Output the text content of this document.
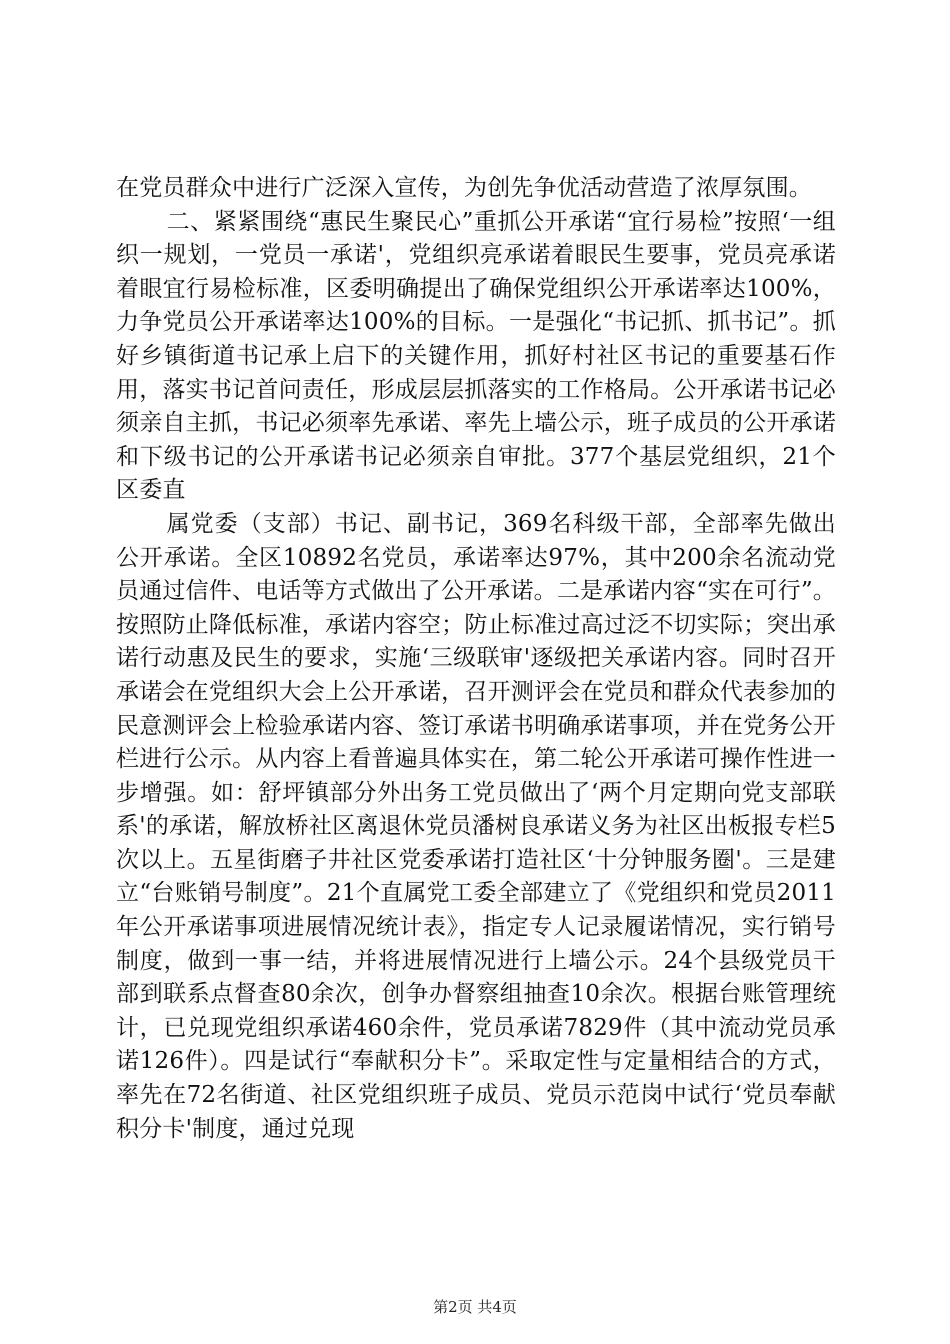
在党员群众中进行广泛深入宣传，为创先争优活动营造了浓厚氛围。

二、紧紧围绕“惠民生聚民心”重抓公开承诺“宜行易检”按照‘一组织一规划，一党员一承诺'，党组织亮承诺着眼民生要事，党员亮承诺着眼宜行易检标准，区委明确提出了确保党组织公开承诺率达100%，力争党员公开承诺率达100%的目标。一是强化“书记抓、抓书记”。抓好乡镇街道书记承上启下的关键作用，抓好村社区书记的重要基石作用，落实书记首问责任，形成层层抓落实的工作格局。公开承诺书记必须亲自主抓，书记必须率先承诺、率先上墙公示，班子成员的公开承诺和下级书记的公开承诺书记必须亲自审批。377个基层党组织，21个区委直

属党委（支部）书记、副书记，369名科级干部，全部率先做出公开承诺。全区10892名党员，承诺率达97%，其中200余名流动党员通过信件、电话等方式做出了公开承诺。二是承诺内容“实在可行”。按照防止降低标准，承诺内容空；防止标准过高过泛不切实际；突出承诺行动惠及民生的要求，实施‘三级联审'逐级把关承诺内容。同时召开承诺会在党组织大会上公开承诺，召开测评会在党员和群众代表参加的民意测评会上检验承诺内容、签订承诺书明确承诺事项，并在党务公开栏进行公示。从内容上看普遍具体实在，第二轮公开承诺可操作性进一步增强。如：舒坪镇部分外出务工党员做出了‘两个月定期向党支部联系'的承诺，解放桥社区离退休党员潘树良承诺义务为社区出板报专栏5次以上。五星街磨子井社区党委承诺打造社区‘十分钟服务圈'。三是建立“台账销号制度”。21个直属党工委全部建立了《党组织和党员2011年公开承诺事项进展情况统计表》，指定专人记录履诺情况，实行销号制度，做到一事一结，并将进展情况进行上墙公示。24个县级党员干部到联系点督查80余次，创争办督察组抽查10余次。根据台账管理统计，已兑现党组织承诺460余件，党员承诺7829件（其中流动党员承诺126件）。四是试行“奉献积分卡”。采取定性与定量相结合的方式，率先在72名街道、社区党组织班子成员、党员示范岗中试行‘党员奉献积分卡'制度，通过兑现

第2页 共4页
